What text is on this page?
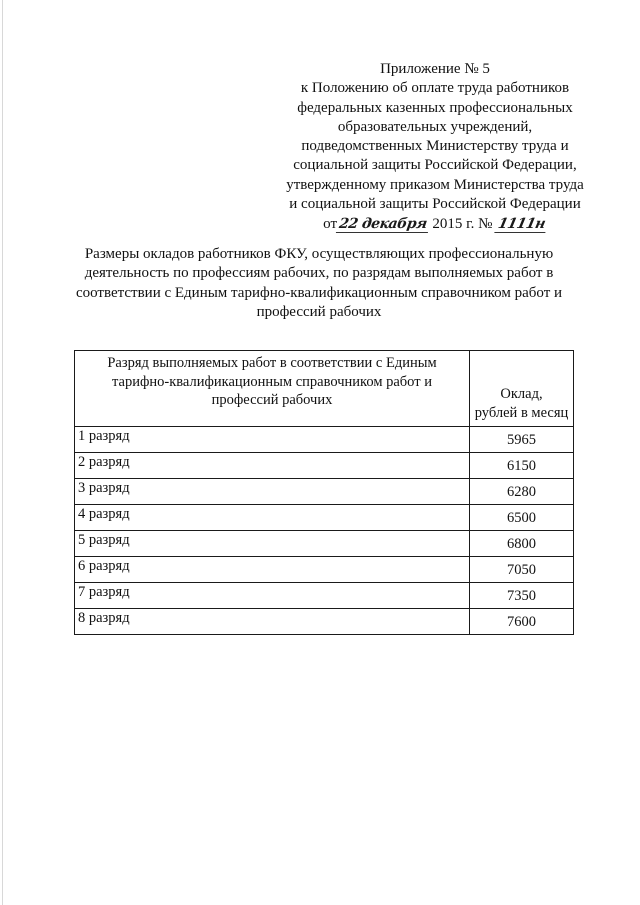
Приложение № 5
к Положению об оплате труда работников
федеральных казенных профессиональных
образовательных учреждений,
подведомственных Министерству труда и
социальной защиты Российской Федерации,
утвержденному приказом Министерства труда
и социальной защиты Российской Федерации
от22 декабря 2015 г. № 1111н
Размеры окладов работников ФКУ, осуществляющих профессиональную
деятельность по профессиям рабочих, по разрядам выполняемых работ в
соответствии с Единым тарифно-квалификационным справочником работ и
профессий рабочих
Разряд выполняемых работ в соответствии с Единым
тарифно-квалификационным справочником работ и
профессий рабочих	Оклад,
рублей в месяц

1 разряд	5965
2 разряд	6150
3 разряд	6280
4 разряд	6500
5 разряд	6800
6 разряд	7050
7 разряд	7350
8 разряд	7600
